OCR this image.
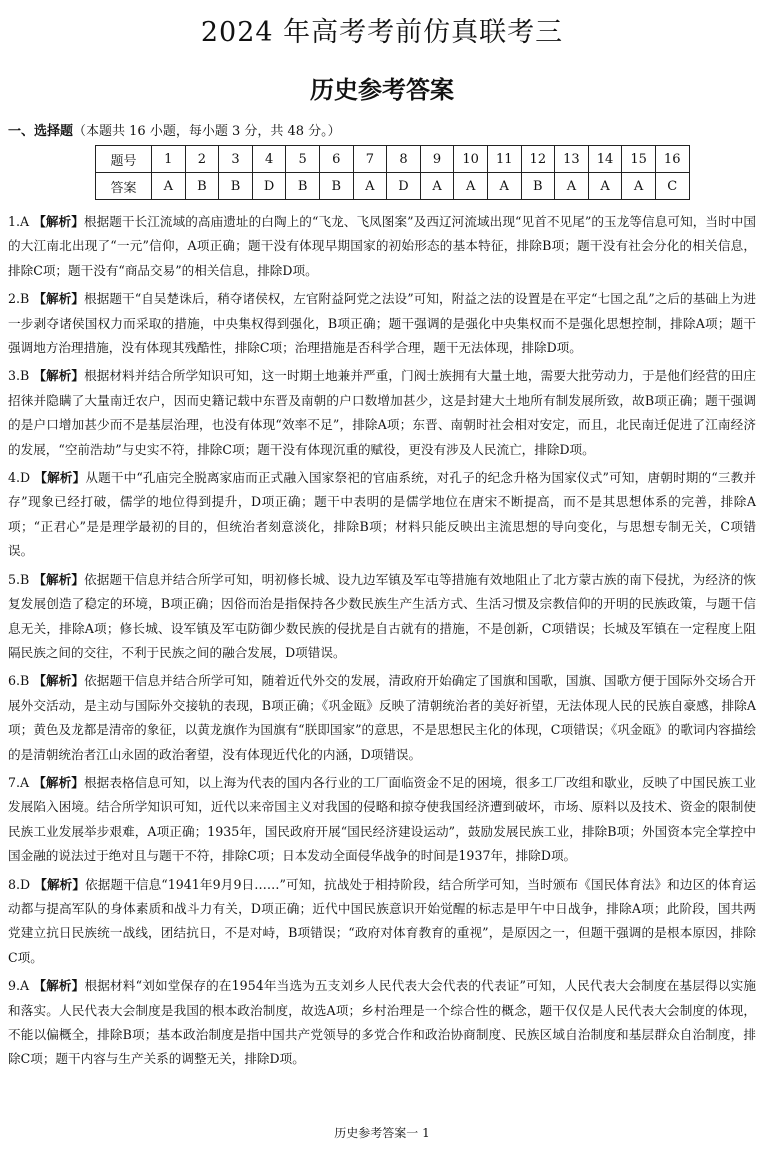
2024 年高考考前仿真联考三
历史参考答案
一、选择题（本题共 16 小题，每小题 3 分，共 48 分。）
题号	1	2	3	4	5	6	7	8	9	10	11	12	13	14	15	16
答案	A	B	B	D	B	B	A	D	A	A	A	B	A	A	A	C
1.A 【解析】根据题干长江流域的高庙遗址的白陶上的“飞龙、飞凤图案”及西辽河流域出现“见首不见尾”的玉龙等信息可知，当时中国的大江南北出现了“一元”信仰，A项正确；题干没有体现早期国家的初始形态的基本特征，排除B项；题干没有社会分化的相关信息，排除C项；题干没有“商品交易”的相关信息，排除D项。
2.B 【解析】根据题干“自吴楚诛后，稍夺诸侯权，左官附益阿党之法设”可知，附益之法的设置是在平定“七国之乱”之后的基础上为进一步剥夺诸侯国权力而采取的措施，中央集权得到强化，B项正确；题干强调的是强化中央集权而不是强化思想控制，排除A项；题干强调地方治理措施，没有体现其残酷性，排除C项；治理措施是否科学合理，题干无法体现，排除D项。
3.B 【解析】根据材料并结合所学知识可知，这一时期土地兼并严重，门阀士族拥有大量土地，需要大批劳动力，于是他们经营的田庄招徕并隐瞒了大量南迁农户，因而史籍记载中东晋及南朝的户口数增加甚少，这是封建大土地所有制发展所致，故B项正确；题干强调的是户口增加甚少而不是基层治理，也没有体现“效率不足”，排除A项；东晋、南朝时社会相对安定，而且，北民南迁促进了江南经济的发展，“空前浩劫”与史实不符，排除C项；题干没有体现沉重的赋役，更没有涉及人民流亡，排除D项。
4.D 【解析】从题干中“孔庙完全脱离家庙而正式融入国家祭祀的官庙系统，对孔子的纪念升格为国家仪式”可知，唐朝时期的“三教并存”现象已经打破，儒学的地位得到提升，D项正确；题干中表明的是儒学地位在唐宋不断提高，而不是其思想体系的完善，排除A项；“正君心”是是理学最初的目的，但统治者刻意淡化，排除B项；材料只能反映出主流思想的导向变化，与思想专制无关，C项错误。
5.B 【解析】依据题干信息并结合所学可知，明初修长城、设九边军镇及军屯等措施有效地阻止了北方蒙古族的南下侵扰，为经济的恢复发展创造了稳定的环境，B项正确；因俗而治是指保持各少数民族生产生活方式、生活习惯及宗教信仰的开明的民族政策，与题干信息无关，排除A项；修长城、设军镇及军屯防御少数民族的侵扰是自古就有的措施，不是创新，C项错误；长城及军镇在一定程度上阻隔民族之间的交往，不利于民族之间的融合发展，D项错误。
6.B 【解析】依据题干信息并结合所学可知，随着近代外交的发展，清政府开始确定了国旗和国歌，国旗、国歌方便于国际外交场合开展外交活动，是主动与国际外交接轨的表现，B项正确；《巩金瓯》反映了清朝统治者的美好祈望，无法体现人民的民族自豪感，排除A项；黄色及龙都是清帝的象征，以黄龙旗作为国旗有“朕即国家”的意思，不是思想民主化的体现，C项错误；《巩金瓯》的歌词内容描绘的是清朝统治者江山永固的政治奢望，没有体现近代化的内涵，D项错误。
7.A 【解析】根据表格信息可知，以上海为代表的国内各行业的工厂面临资金不足的困境，很多工厂改组和歇业，反映了中国民族工业发展陷入困境。结合所学知识可知，近代以来帝国主义对我国的侵略和掠夺使我国经济遭到破坏，市场、原料以及技术、资金的限制使民族工业发展举步艰难，A项正确；1935年，国民政府开展“国民经济建设运动”，鼓励发展民族工业，排除B项；外国资本完全掌控中国金融的说法过于绝对且与题干不符，排除C项；日本发动全面侵华战争的时间是1937年，排除D项。
8.D 【解析】依据题干信息“1941年9月9日……”可知，抗战处于相持阶段，结合所学可知，当时颁布《国民体育法》和边区的体育运动都与提高军队的身体素质和战斗力有关，D项正确；近代中国民族意识开始觉醒的标志是甲午中日战争，排除A项；此阶段，国共两党建立抗日民族统一战线，团结抗日，不是对峙，B项错误；“政府对体育教育的重视”，是原因之一，但题干强调的是根本原因，排除C项。
9.A 【解析】根据材料“刘如堂保存的在1954年当选为五支刘乡人民代表大会代表的代表证”可知，人民代表大会制度在基层得以实施和落实。人民代表大会制度是我国的根本政治制度，故选A项；乡村治理是一个综合性的概念，题干仅仅是人民代表大会制度的体现，不能以偏概全，排除B项；基本政治制度是指中国共产党领导的多党合作和政治协商制度、民族区域自治制度和基层群众自治制度，排除C项；题干内容与生产关系的调整无关，排除D项。
历史参考答案一 1
